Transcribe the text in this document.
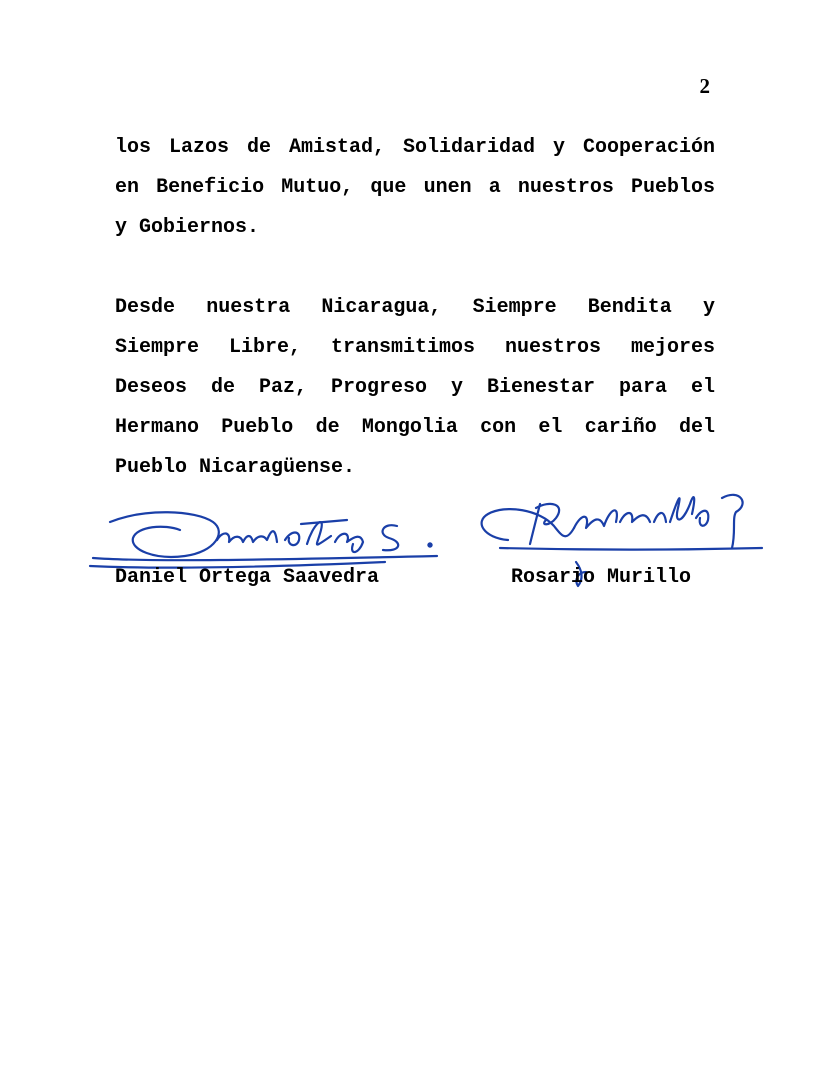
2
los Lazos de Amistad, Solidaridad y Cooperación
en Beneficio Mutuo, que unen a nuestros Pueblos
y Gobiernos.
Desde nuestra Nicaragua, Siempre Bendita y
Siempre Libre, transmitimos nuestros mejores
Deseos de Paz, Progreso y Bienestar para el
Hermano Pueblo de Mongolia con el cariño del
Pueblo Nicaragüense.
Daniel Ortega Saavedra	Rosario Murillo
